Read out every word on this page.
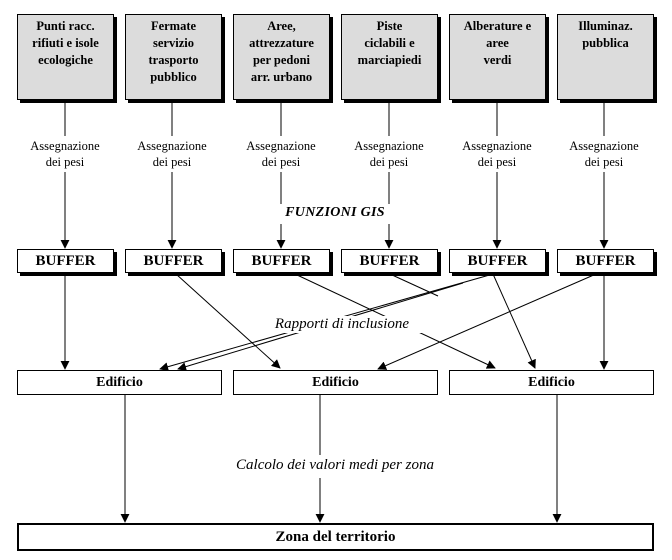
Punti racc.
rifiuti e isole
ecologiche
Fermate
servizio
trasporto
pubblico
Aree,
attrezzature
per pedoni
arr. urbano
Piste
ciclabili e
marciapiedi
Alberature e
aree
verdi
Illuminaz.
pubblica
Assegnazione
dei pesi
Assegnazione
dei pesi
Assegnazione
dei pesi
Assegnazione
dei pesi
Assegnazione
dei pesi
Assegnazione
dei pesi
FUNZIONI GIS
BUFFER	BUFFER	BUFFER	BUFFER	BUFFER	BUFFER
Rapporti di inclusione
Edificio	Edificio	Edificio
Calcolo dei valori medi per zona
Zona del territorio
